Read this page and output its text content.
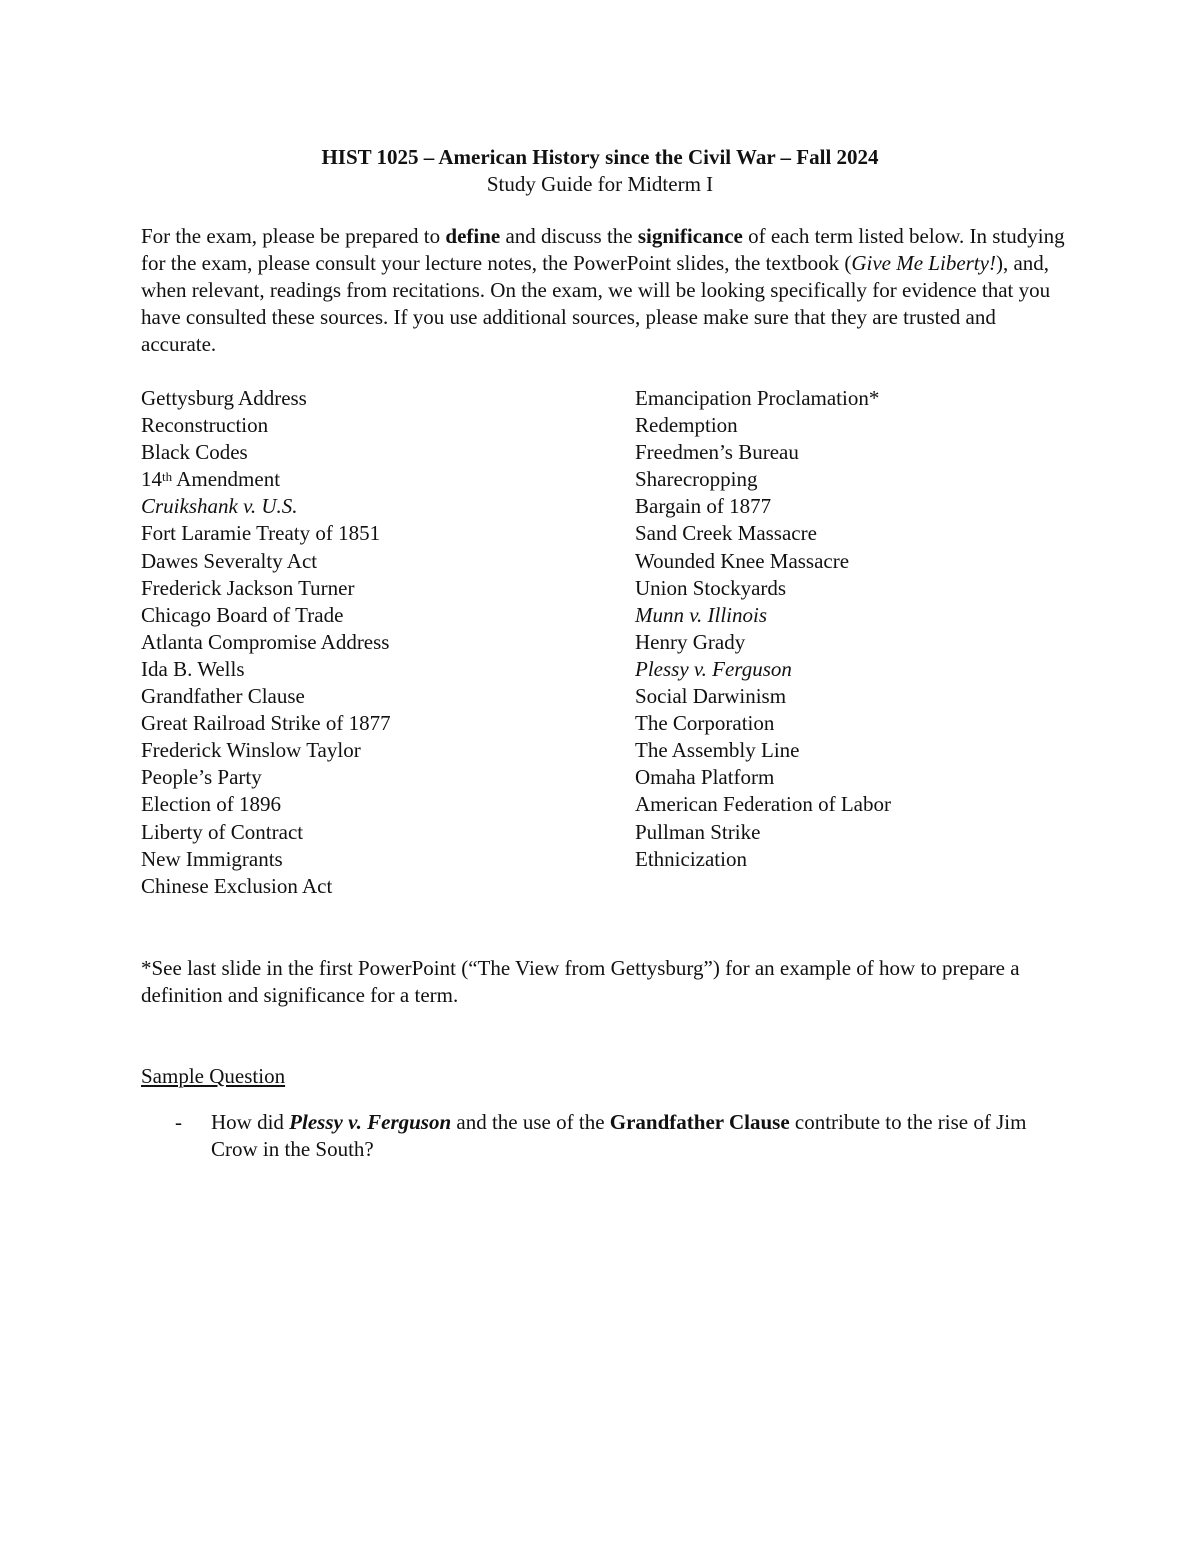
HIST 1025 – American History since the Civil War – Fall 2024
Study Guide for Midterm I

For the exam, please be prepared to define and discuss the significance of each term listed below. In studying for the exam, please consult your lecture notes, the PowerPoint slides, the textbook (Give Me Liberty!), and, when relevant, readings from recitations. On the exam, we will be looking specifically for evidence that you have consulted these sources. If you use additional sources, please make sure that they are trusted and accurate.

Gettysburg Address
Reconstruction
Black Codes
14th Amendment
Cruikshank v. U.S.
Fort Laramie Treaty of 1851
Dawes Severalty Act
Frederick Jackson Turner
Chicago Board of Trade
Atlanta Compromise Address
Ida B. Wells
Grandfather Clause
Great Railroad Strike of 1877
Frederick Winslow Taylor
People’s Party
Election of 1896
Liberty of Contract
New Immigrants
Chinese Exclusion Act
Emancipation Proclamation*
Redemption
Freedmen’s Bureau
Sharecropping
Bargain of 1877
Sand Creek Massacre
Wounded Knee Massacre
Union Stockyards
Munn v. Illinois
Henry Grady
Plessy v. Ferguson
Social Darwinism
The Corporation
The Assembly Line
Omaha Platform
American Federation of Labor
Pullman Strike
Ethnicization

*See last slide in the first PowerPoint (“The View from Gettysburg”) for an example of how to prepare a definition and significance for a term.

Sample Question

- How did Plessy v. Ferguson and the use of the Grandfather Clause contribute to the rise of Jim Crow in the South?
